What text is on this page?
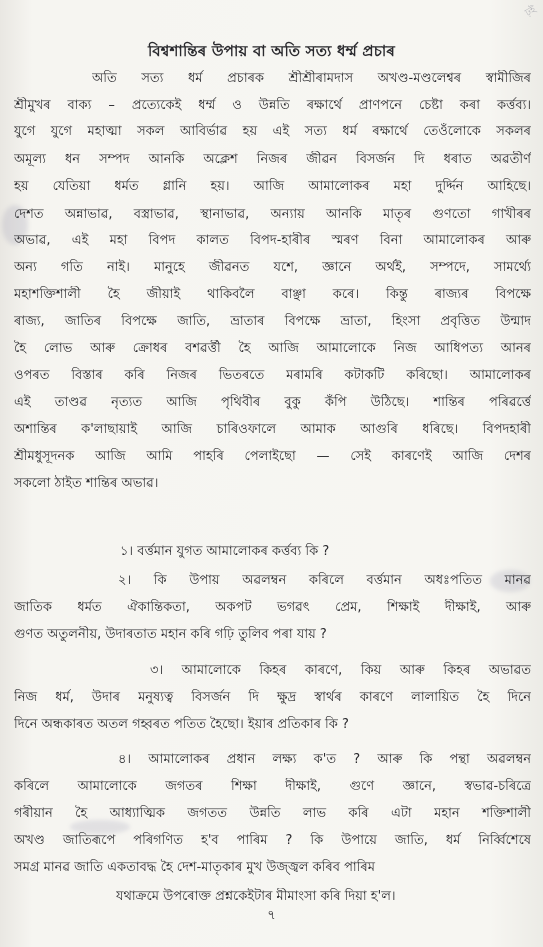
ঢ়ই
বিশ্বশান্তিৰ উপায় বা অতি সত্য ধৰ্ম্ম প্ৰচাৰ
অতি সত্য ধৰ্ম প্ৰচাৰক শ্ৰীশ্ৰীৰামদাস অখণ্ড-মণ্ডলেশ্বৰ স্বামীজিৰ
শ্ৰীমুখৰ বাক্য – প্ৰত্যেকেই ধৰ্ম্ম ও উন্নতি ৰক্ষাৰ্থে প্ৰাণপনে চেষ্টা কৰা কৰ্ত্তব্য।
যুগে যুগে মহাত্মা সকল আবিৰ্ভাৱ হয় এই সত্য ধৰ্ম ৰক্ষাৰ্থে তেওঁলোকে সকলৰ
অমূল্য ধন সম্পদ আনকি অক্লেশ নিজৰ জীৱন বিসৰ্জন দি ধৰাত অৱতীৰ্ণ
হয় যেতিয়া ধৰ্মত গ্লানি হয়। আজি আমালোকৰ মহা দুৰ্দ্দিন আহিছে।
দেশত অন্নাভাৱ, বস্ত্ৰাভাৱ, স্থানাভাৱ, অন্যায় আনকি মাতৃৰ গুণতো গাখীৰৰ
অভাৱ, এই মহা বিপদ কালত বিপদ-হাৰীৰ স্মৰণ বিনা আমালোকৰ আৰু
অন্য গতি নাই। মানুহে জীৱনত যশে, জ্ঞানে অৰ্থই, সম্পদে, সামৰ্থ্যে
মহাশক্তিশালী হৈ জীয়াই থাকিবলৈ বাঞ্ছা কৰে। কিন্তু ৰাজ্যৰ বিপক্ষে
ৰাজ্য, জাতিৰ বিপক্ষে জাতি, ভ্ৰাতাৰ বিপক্ষে ভ্ৰাতা, হিংসা প্ৰবৃত্তিত উন্মাদ
হৈ লোভ আৰু ক্ৰোধৰ বশৱৰ্ত্তী হৈ আজি আমালোকে নিজ আধিপত্য আনৰ
ওপৰত বিস্তাৰ কৰি নিজৰ ভিতৰতে মৰামৰি কটাকটি কৰিছো। আমালোকৰ
এই তাণ্ডৱ নৃত্যত আজি পৃথিবীৰ বুকু কঁপি উঠিছে। শান্তিৰ পৰিৱৰ্ত্তে
অশান্তিৰ ক'লাছায়াই আজি চাৰিওফালে আমাক আগুৰি ধৰিছে। বিপদহাৰী
শ্ৰীমধুসূদনক আজি আমি পাহৰি পেলাইছো — সেই কাৰণেই আজি দেশৰ
সকলো ঠাইত শান্তিৰ অভাৱ।
১। বৰ্ত্তমান যুগত আমালোকৰ কৰ্ত্তব্য কি ?
২। কি উপায় অৱলম্বন কৰিলে বৰ্ত্তমান অধঃপতিত মানৱ
জাতিক ধৰ্মত ঐকান্তিকতা, অকপট ভগৱৎ প্ৰেম, শিক্ষাই দীক্ষাই, আৰু
গুণত অতুলনীয়, উদাৰতাত মহান কৰি গঢ়ি তুলিব পৰা যায় ?
৩। আমালোকে কিহৰ কাৰণে, কিয় আৰু কিহৰ অভাৱত
নিজ ধৰ্ম, উদাৰ মনুষ্যত্ব বিসৰ্জন দি ক্ষুদ্ৰ স্বাৰ্থৰ কাৰণে লালায়িত হৈ দিনে
দিনে অন্ধকাৰত অতল গহ্বৰত পতিত হৈছো। ইয়াৰ প্ৰতিকাৰ কি ?
৪। আমালোকৰ প্ৰধান লক্ষ্য ক'ত ? আৰু কি পন্থা অৱলম্বন
কৰিলে আমালোকে জগতৰ শিক্ষা দীক্ষাই, গুণে জ্ঞানে, স্বভাৱ-চৰিত্ৰে
গৰীয়ান হৈ আধ্যাত্মিক জগতত উন্নতি লাভ কৰি এটা মহান শক্তিশালী
অখণ্ড জাতিৰূপে পৰিগণিত হ'ব পাৰিম ? কি উপায়ে জাতি, ধৰ্ম নিৰ্ব্বিশেষে
সমগ্ৰ মানৱ জাতি একতাবদ্ধ হৈ দেশ-মাতৃকাৰ মুখ উজ্জ্বল কৰিব পাৰিম
যথাক্ৰমে উপৰোক্ত প্ৰশ্নকেইটাৰ মীমাংসা কৰি দিয়া হ'ল।
৭
